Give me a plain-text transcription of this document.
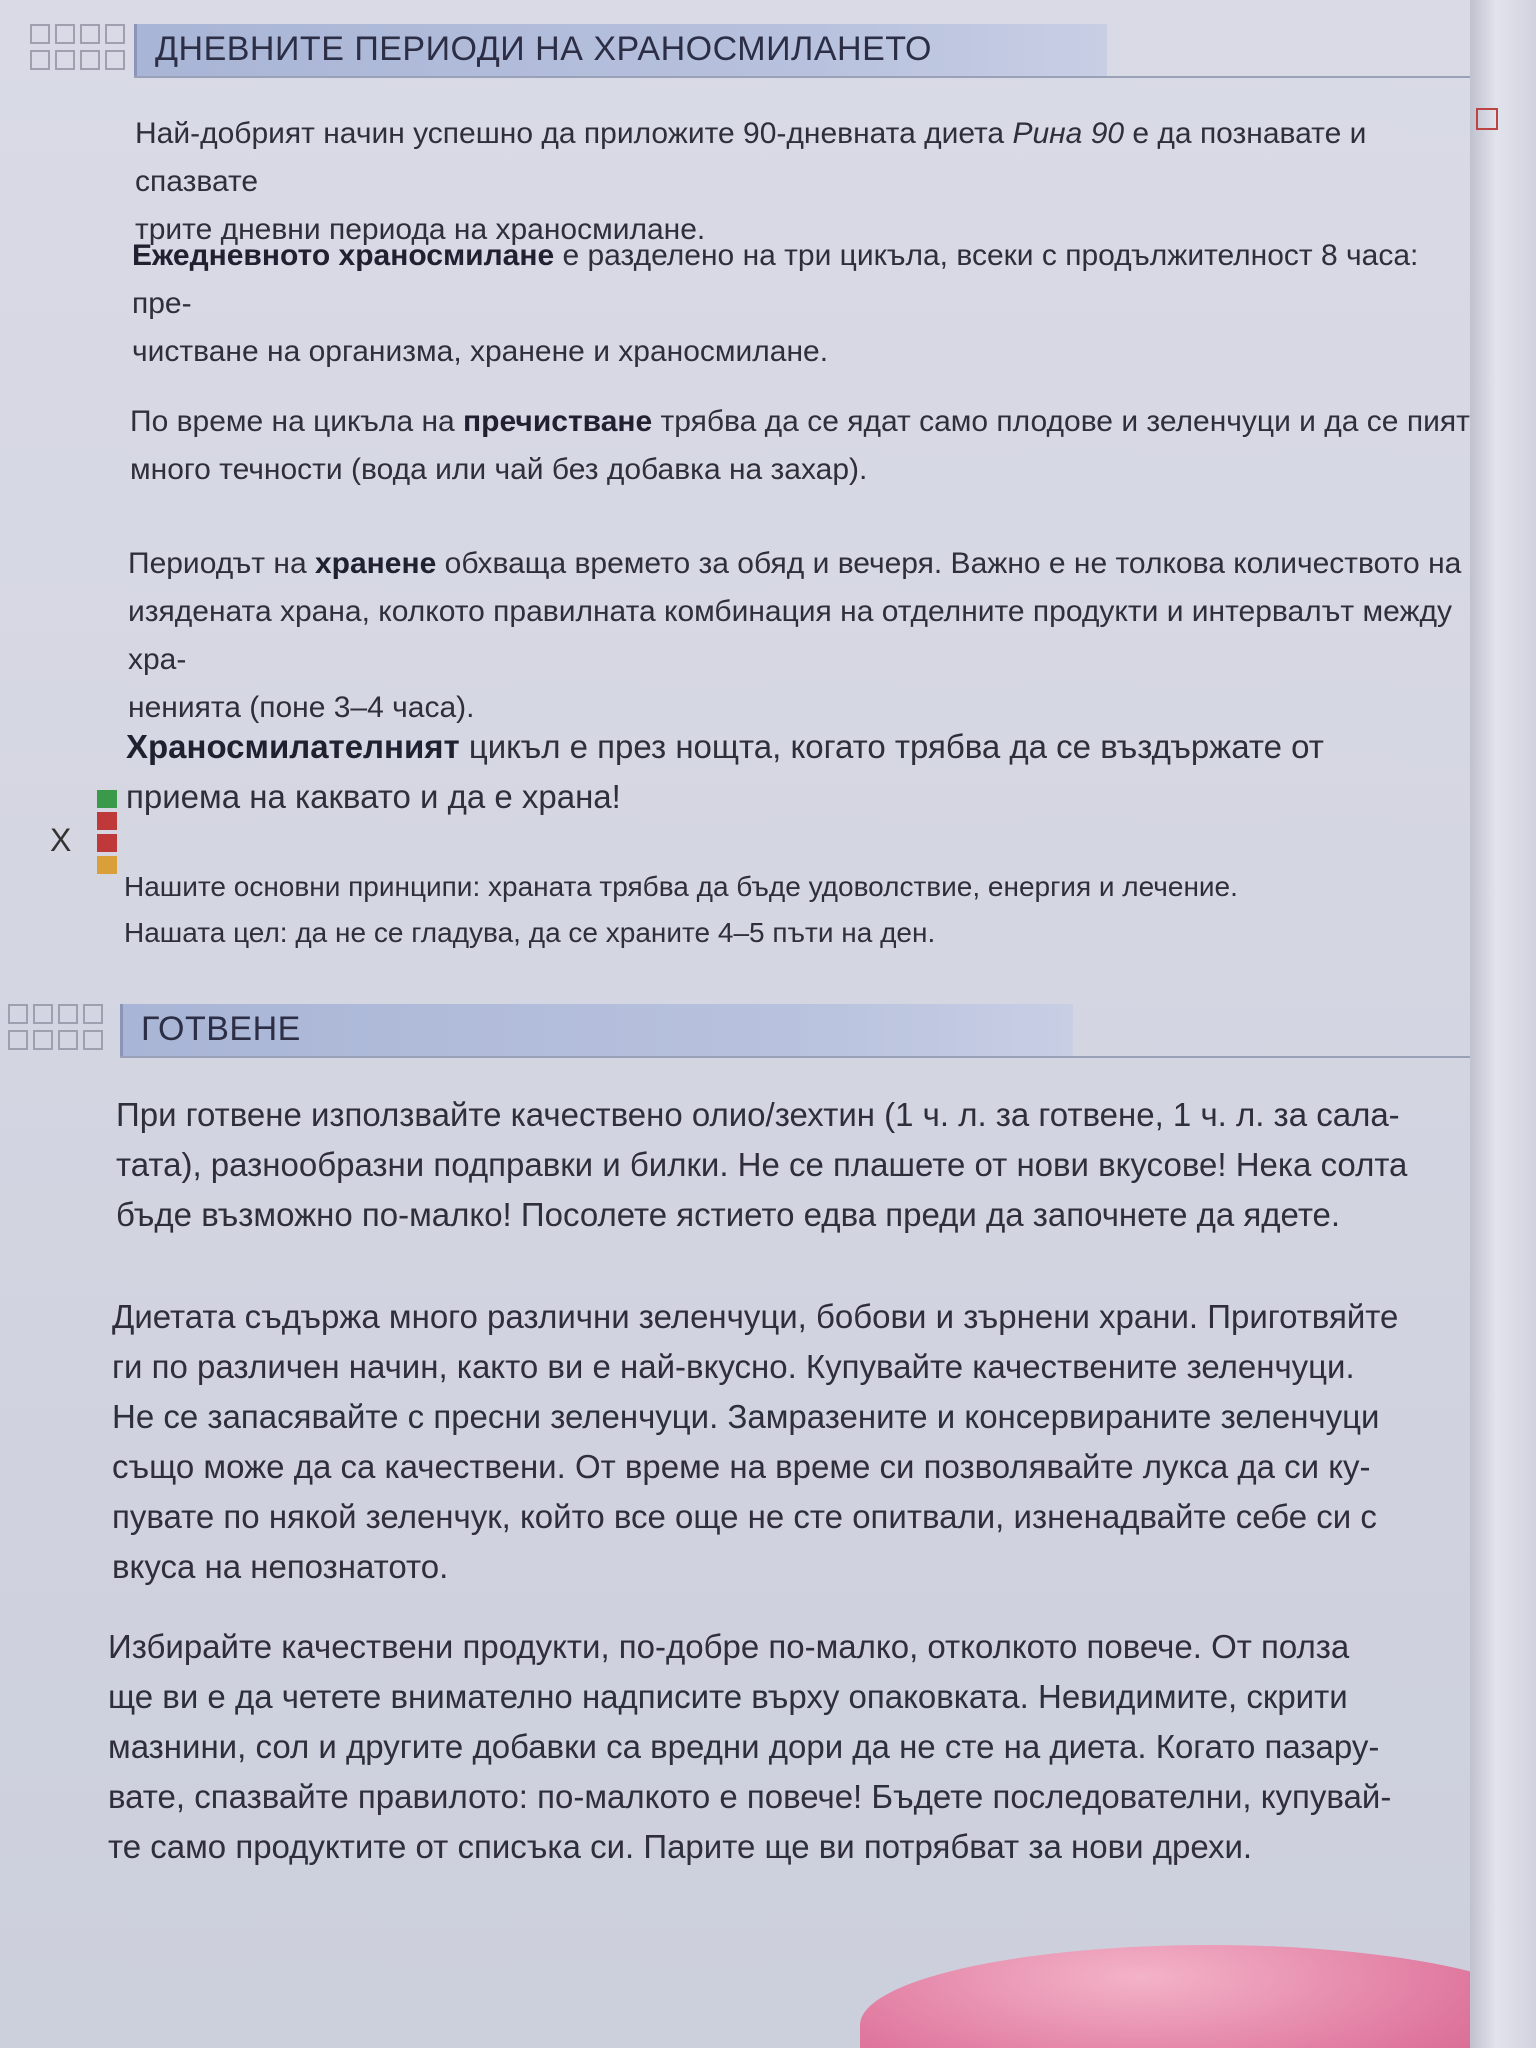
ДНЕВНИТЕ ПЕРИОДИ НА ХРАНОСМИЛАНЕТО
Най-добрият начин успешно да приложите 90-дневната диета Рина 90 е да познавате и спазвате
трите дневни периода на храносмилане.
Ежедневното храносмилане е разделено на три цикъла, всеки с продължителност 8 часа: пре-
чистване на организма, хранене и храносмилане.
По време на цикъла на пречистване трябва да се ядат само плодове и зеленчуци и да се пият
много течности (вода или чай без добавка на захар).
Периодът на хранене обхваща времето за обяд и вечеря. Важно е не толкова количеството на
изядената храна, колкото правилната комбинация на отделните продукти и интервалът между хра-
ненията (поне 3–4 часа).
Храносмилателният цикъл е през нощта, когато трябва да се въздържате от
приема на каквато и да е храна!
X
Нашите основни принципи: храната трябва да бъде удоволствие, енергия и лечение.
Нашата цел: да не се гладува, да се храните 4–5 пъти на ден.
ГОТВЕНЕ
При готвене използвайте качествено олио/зехтин (1 ч. л. за готвене, 1 ч. л. за сала-
тата), разнообразни подправки и билки. Не се плашете от нови вкусове! Нека солта
бъде възможно по-малко! Посолете ястието едва преди да започнете да ядете.
Диетата съдържа много различни зеленчуци, бобови и зърнени храни. Приготвяйте
ги по различен начин, както ви е най-вкусно. Купувайте качествените зеленчуци.
Не се запасявайте с пресни зеленчуци. Замразените и консервираните зеленчуци
също може да са качествени. От време на време си позволявайте лукса да си ку-
пувате по някой зеленчук, който все още не сте опитвали, изненадвайте себе си с
вкуса на непознатото.
Избирайте качествени продукти, по-добре по-малко, отколкото повече. От полза
ще ви е да четете внимателно надписите върху опаковката. Невидимите, скрити
мазнини, сол и другите добавки са вредни дори да не сте на диета. Когато пазару-
вате, спазвайте правилото: по-малкото е повече! Бъдете последователни, купувай-
те само продуктите от списъка си. Парите ще ви потрябват за нови дрехи.
